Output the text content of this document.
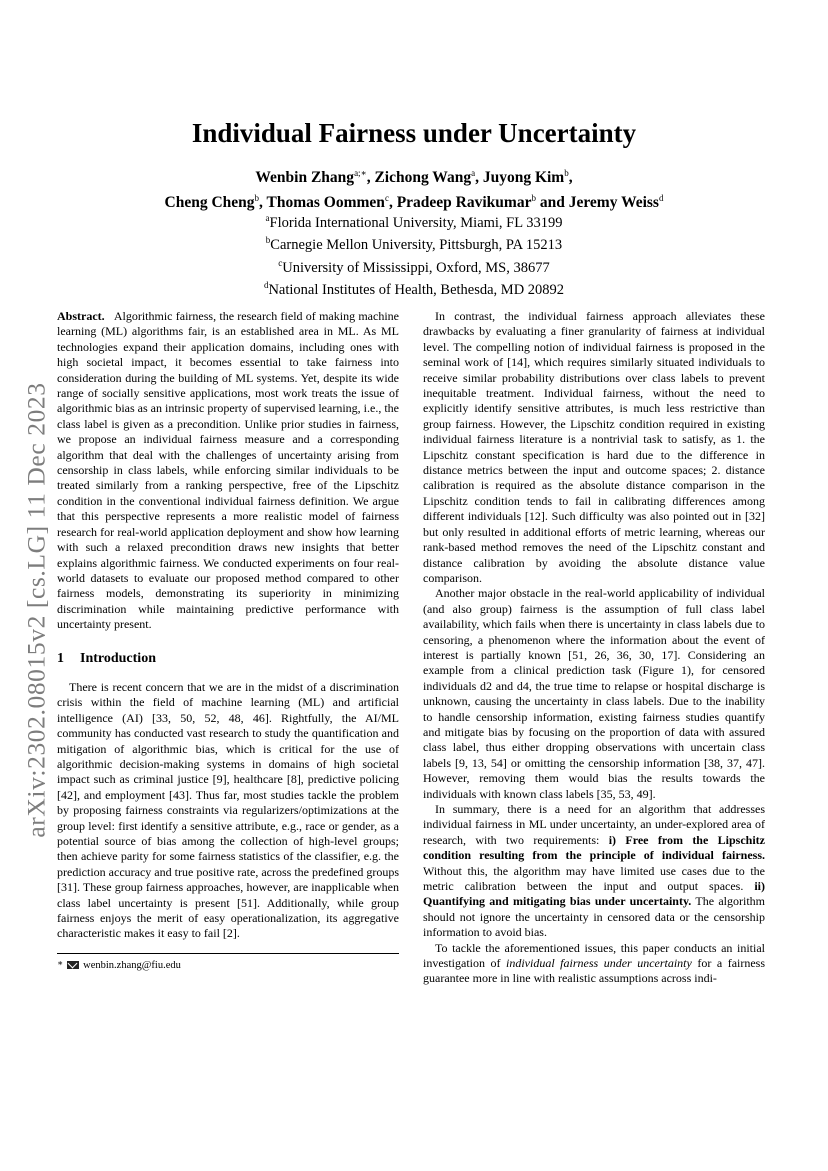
arXiv:2302.08015v2 [cs.LG] 11 Dec 2023
Individual Fairness under Uncertainty
Wenbin Zhang$^{a;∗}$, Zichong Wang$^a$, Juyong Kim$^b$,
Cheng Cheng$^b$, Thomas Oommen$^c$, Pradeep Ravikumar$^b$ and Jeremy Weiss$^d$
$^a$Florida International University, Miami, FL 33199
$^b$Carnegie Mellon University, Pittsburgh, PA 15213
$^c$University of Mississippi, Oxford, MS, 38677
$^d$National Institutes of Health, Bethesda, MD 20892

Abstract. Algorithmic fairness, the research field of making machine learning (ML) algorithms fair, is an established area in ML. As ML technologies expand their application domains, including ones with high societal impact, it becomes essential to take fairness into consideration during the building of ML systems. Yet, despite its wide range of socially sensitive applications, most work treats the issue of algorithmic bias as an intrinsic property of supervised learning, i.e., the class label is given as a precondition. Unlike prior studies in fairness, we propose an individual fairness measure and a corresponding algorithm that deal with the challenges of uncertainty arising from censorship in class labels, while enforcing similar individuals to be treated similarly from a ranking perspective, free of the Lipschitz condition in the conventional individual fairness definition. We argue that this perspective represents a more realistic model of fairness research for real-world application deployment and show how learning with such a relaxed precondition draws new insights that better explains algorithmic fairness. We conducted experiments on four real-world datasets to evaluate our proposed method compared to other fairness models, demonstrating its superiority in minimizing discrimination while maintaining predictive performance with uncertainty present.

1 Introduction

There is recent concern that we are in the midst of a discrimination crisis within the field of machine learning (ML) and artificial intelligence (AI) [33, 50, 52, 48, 46]. Rightfully, the AI/ML community has conducted vast research to study the quantification and mitigation of algorithmic bias, which is critical for the use of algorithmic decision-making systems in domains of high societal impact such as criminal justice [9], healthcare [8], predictive policing [42], and employment [43]. Thus far, most studies tackle the problem by proposing fairness constraints via regularizers/optimizations at the group level: first identify a sensitive attribute, e.g., race or gender, as a potential source of bias among the collection of high-level groups; then achieve parity for some fairness statistics of the classifier, e.g. the prediction accuracy and true positive rate, across the predefined groups [31]. These group fairness approaches, however, are inapplicable when class label uncertainty is present [51]. Additionally, while group fairness enjoys the merit of easy operationalization, its aggregative characteristic makes it easy to fail [2].

∗ wenbin.zhang@fiu.edu

In contrast, the individual fairness approach alleviates these drawbacks by evaluating a finer granularity of fairness at individual level. The compelling notion of individual fairness is proposed in the seminal work of [14], which requires similarly situated individuals to receive similar probability distributions over class labels to prevent inequitable treatment. Individual fairness, without the need to explicitly identify sensitive attributes, is much less restrictive than group fairness. However, the Lipschitz condition required in existing individual fairness literature is a nontrivial task to satisfy, as 1. the Lipschitz constant specification is hard due to the difference in distance metrics between the input and outcome spaces; 2. distance calibration is required as the absolute distance comparison in the Lipschitz condition tends to fail in calibrating differences among different individuals [12]. Such difficulty was also pointed out in [32] but only resulted in additional efforts of metric learning, whereas our rank-based method removes the need of the Lipschitz constant and distance calibration by avoiding the absolute distance value comparison.

Another major obstacle in the real-world applicability of individual (and also group) fairness is the assumption of full class label availability, which fails when there is uncertainty in class labels due to censoring, a phenomenon where the information about the event of interest is partially known [51, 26, 36, 30, 17]. Considering an example from a clinical prediction task (Figure 1), for censored individuals d2 and d4, the true time to relapse or hospital discharge is unknown, causing the uncertainty in class labels. Due to the inability to handle censorship information, existing fairness studies quantify and mitigate bias by focusing on the proportion of data with assured class label, thus either dropping observations with uncertain class labels [9, 13, 54] or omitting the censorship information [38, 37, 47]. However, removing them would bias the results towards the individuals with known class labels [35, 53, 49].

In summary, there is a need for an algorithm that addresses individual fairness in ML under uncertainty, an under-explored area of research, with two requirements: i) Free from the Lipschitz condition resulting from the principle of individual fairness. Without this, the algorithm may have limited use cases due to the metric calibration between the input and output spaces. ii) Quantifying and mitigating bias under uncertainty. The algorithm should not ignore the uncertainty in censored data or the censorship information to avoid bias.

To tackle the aforementioned issues, this paper conducts an initial investigation of individual fairness under uncertainty for a fairness guarantee more in line with realistic assumptions across indi-
